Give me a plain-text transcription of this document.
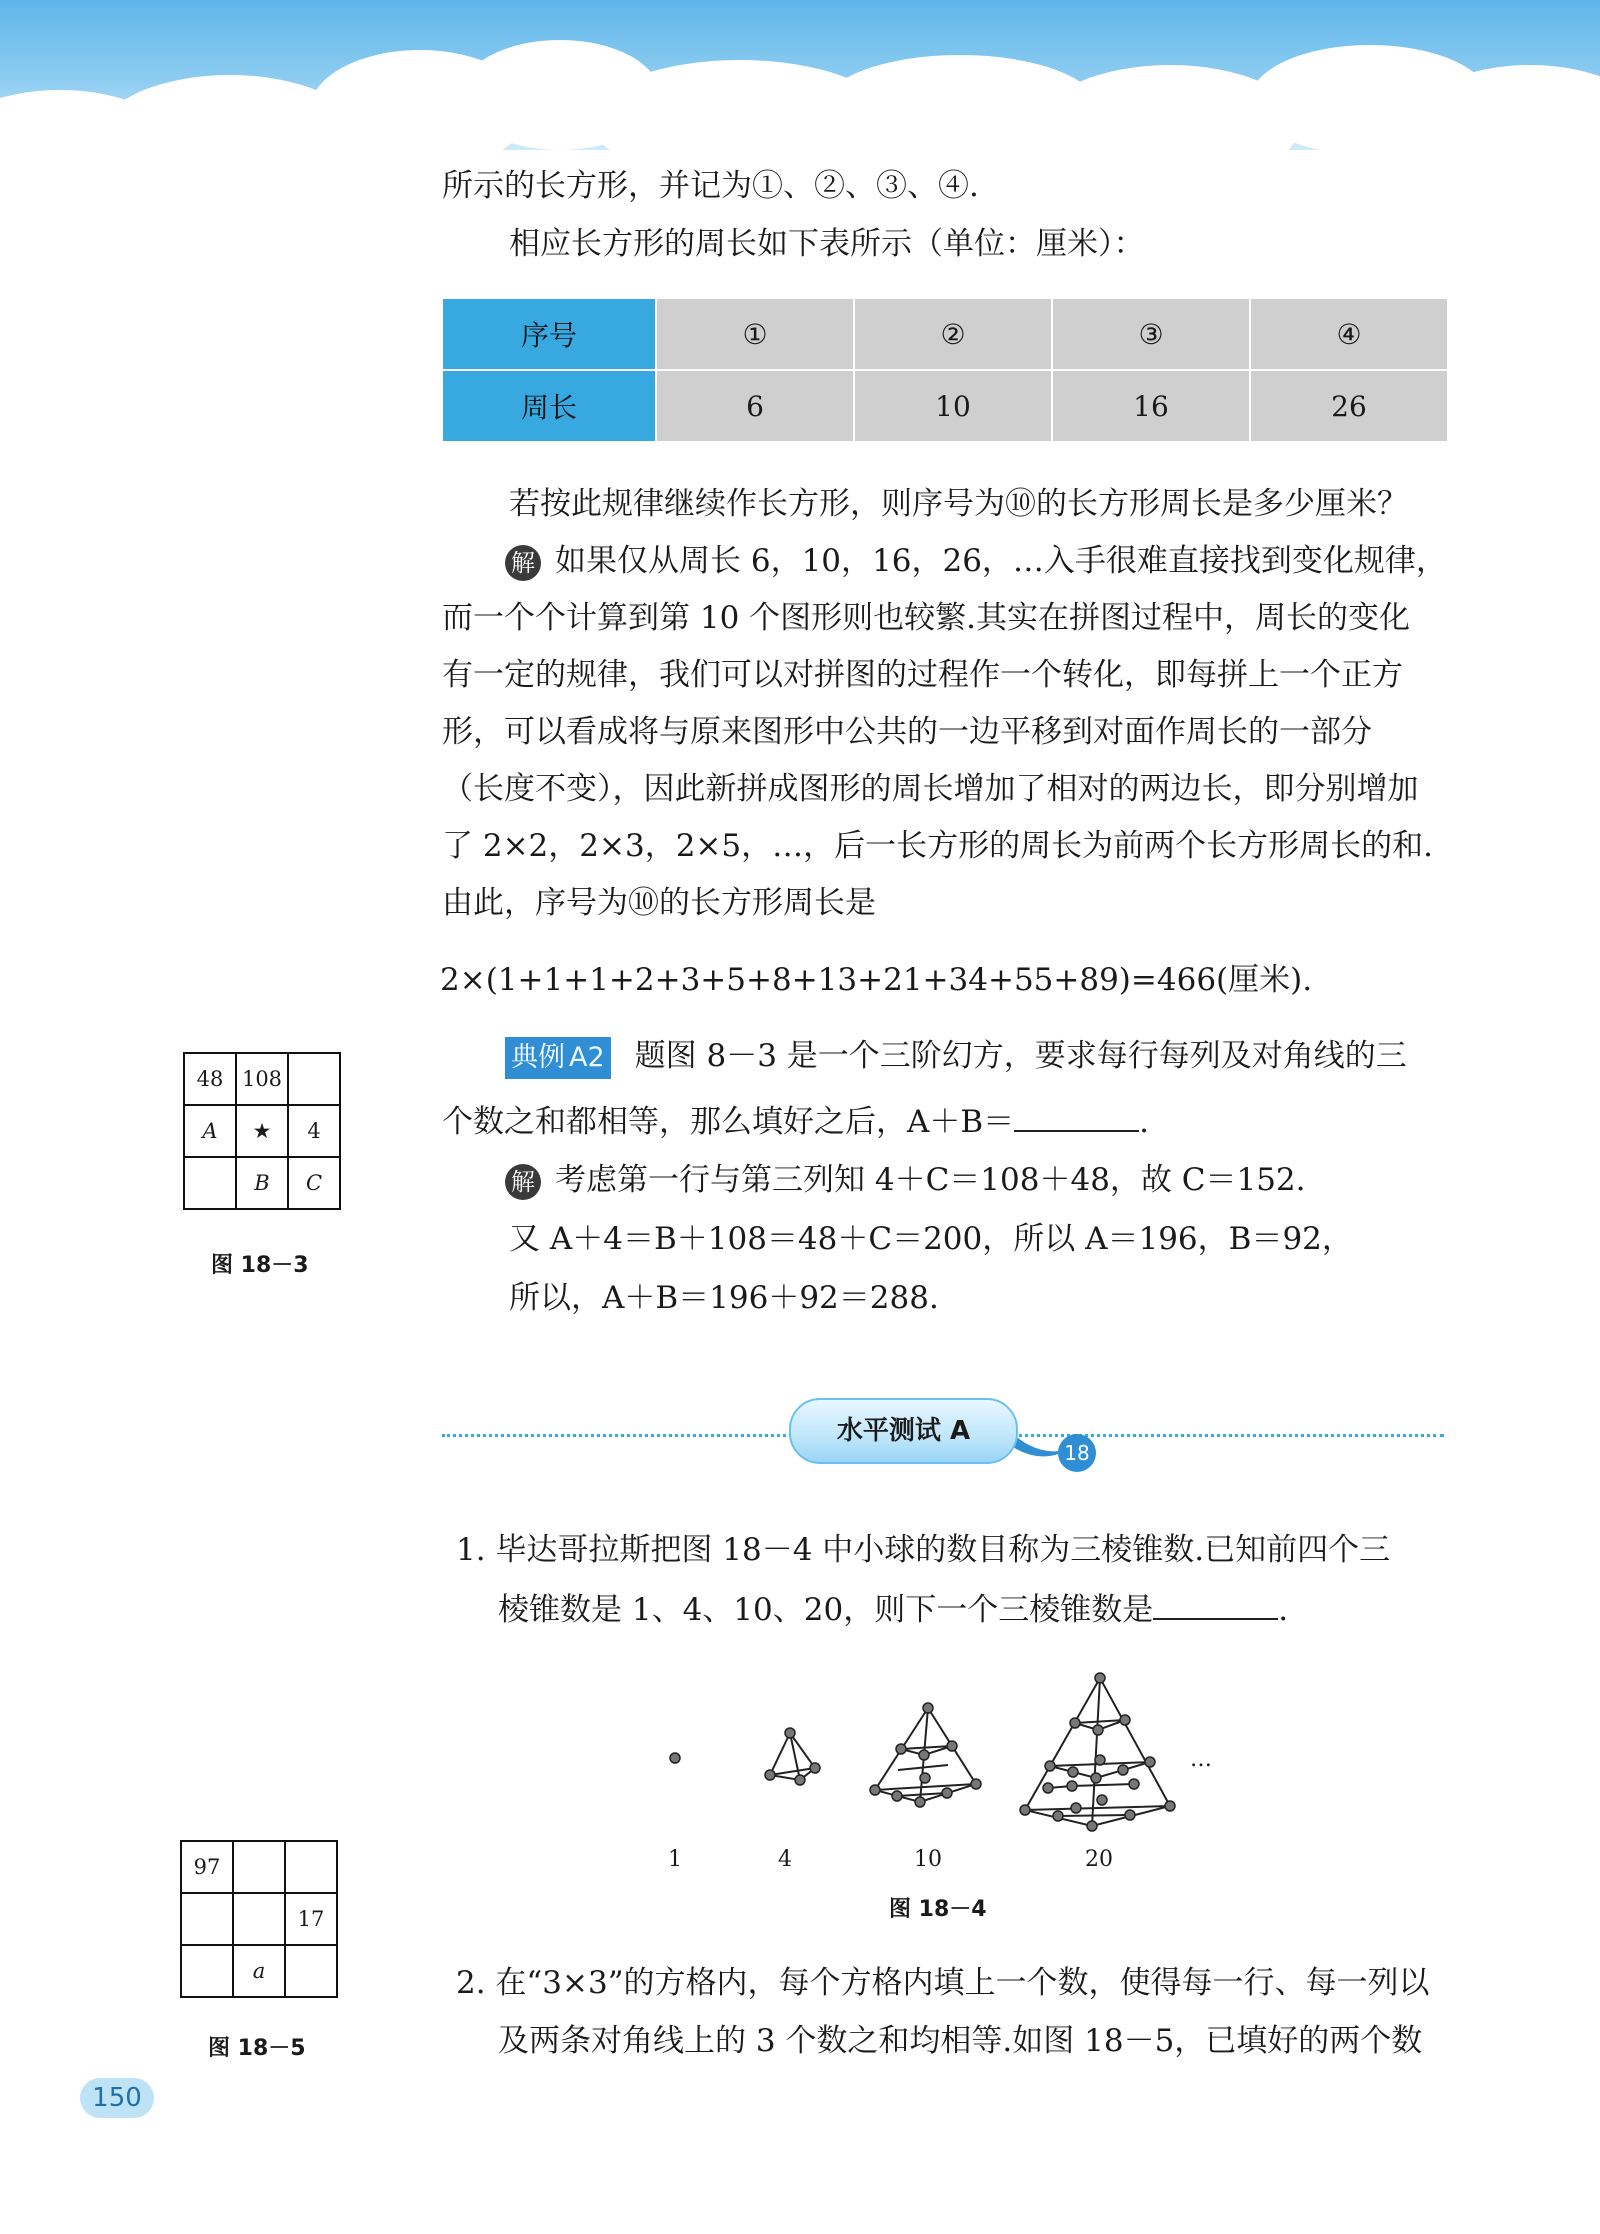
所示的长方形，并记为①、②、③、④.
相应长方形的周长如下表所示（单位：厘米）：
序号	①	②	③	④
周长	6	10	16	26
若按此规律继续作长方形，则序号为⑩的长方形周长是多少厘米？
解 如果仅从周长 6，10，16，26，…入手很难直接找到变化规律，
而一个个计算到第 10 个图形则也较繁.其实在拼图过程中，周长的变化
有一定的规律，我们可以对拼图的过程作一个转化，即每拼上一个正方
形，可以看成将与原来图形中公共的一边平移到对面作周长的一部分
（长度不变），因此新拼成图形的周长增加了相对的两边长，即分别增加
了 2×2，2×3，2×5，…，后一长方形的周长为前两个长方形周长的和.
由此，序号为⑩的长方形周长是
2×(1+1+1+2+3+5+8+13+21+34+55+89)=466(厘米).
典例 A2 题图 8－3 是一个三阶幻方，要求每行每列及对角线的三
个数之和都相等，那么填好之后，A＋B＝	.
解 考虑第一行与第三列知 4＋C＝108＋48，故 C＝152.
又 A＋4＝B＋108＝48＋C＝200，所以 A＝196，B＝92，
所以，A＋B＝196＋92＝288.
48	108	
A	★	4
	B	C
图 18－3
水平测试 A
18
1. 毕达哥拉斯把图 18－4 中小球的数目称为三棱锥数.已知前四个三
棱锥数是 1、4、10、20，则下一个三棱锥数是	.
1	4	10	20
…
图 18－4
97		
		17
	a	
图 18－5
2. 在“3×3”的方格内，每个方格内填上一个数，使得每一行、每一列以
及两条对角线上的 3 个数之和均相等.如图 18－5，已填好的两个数
150
